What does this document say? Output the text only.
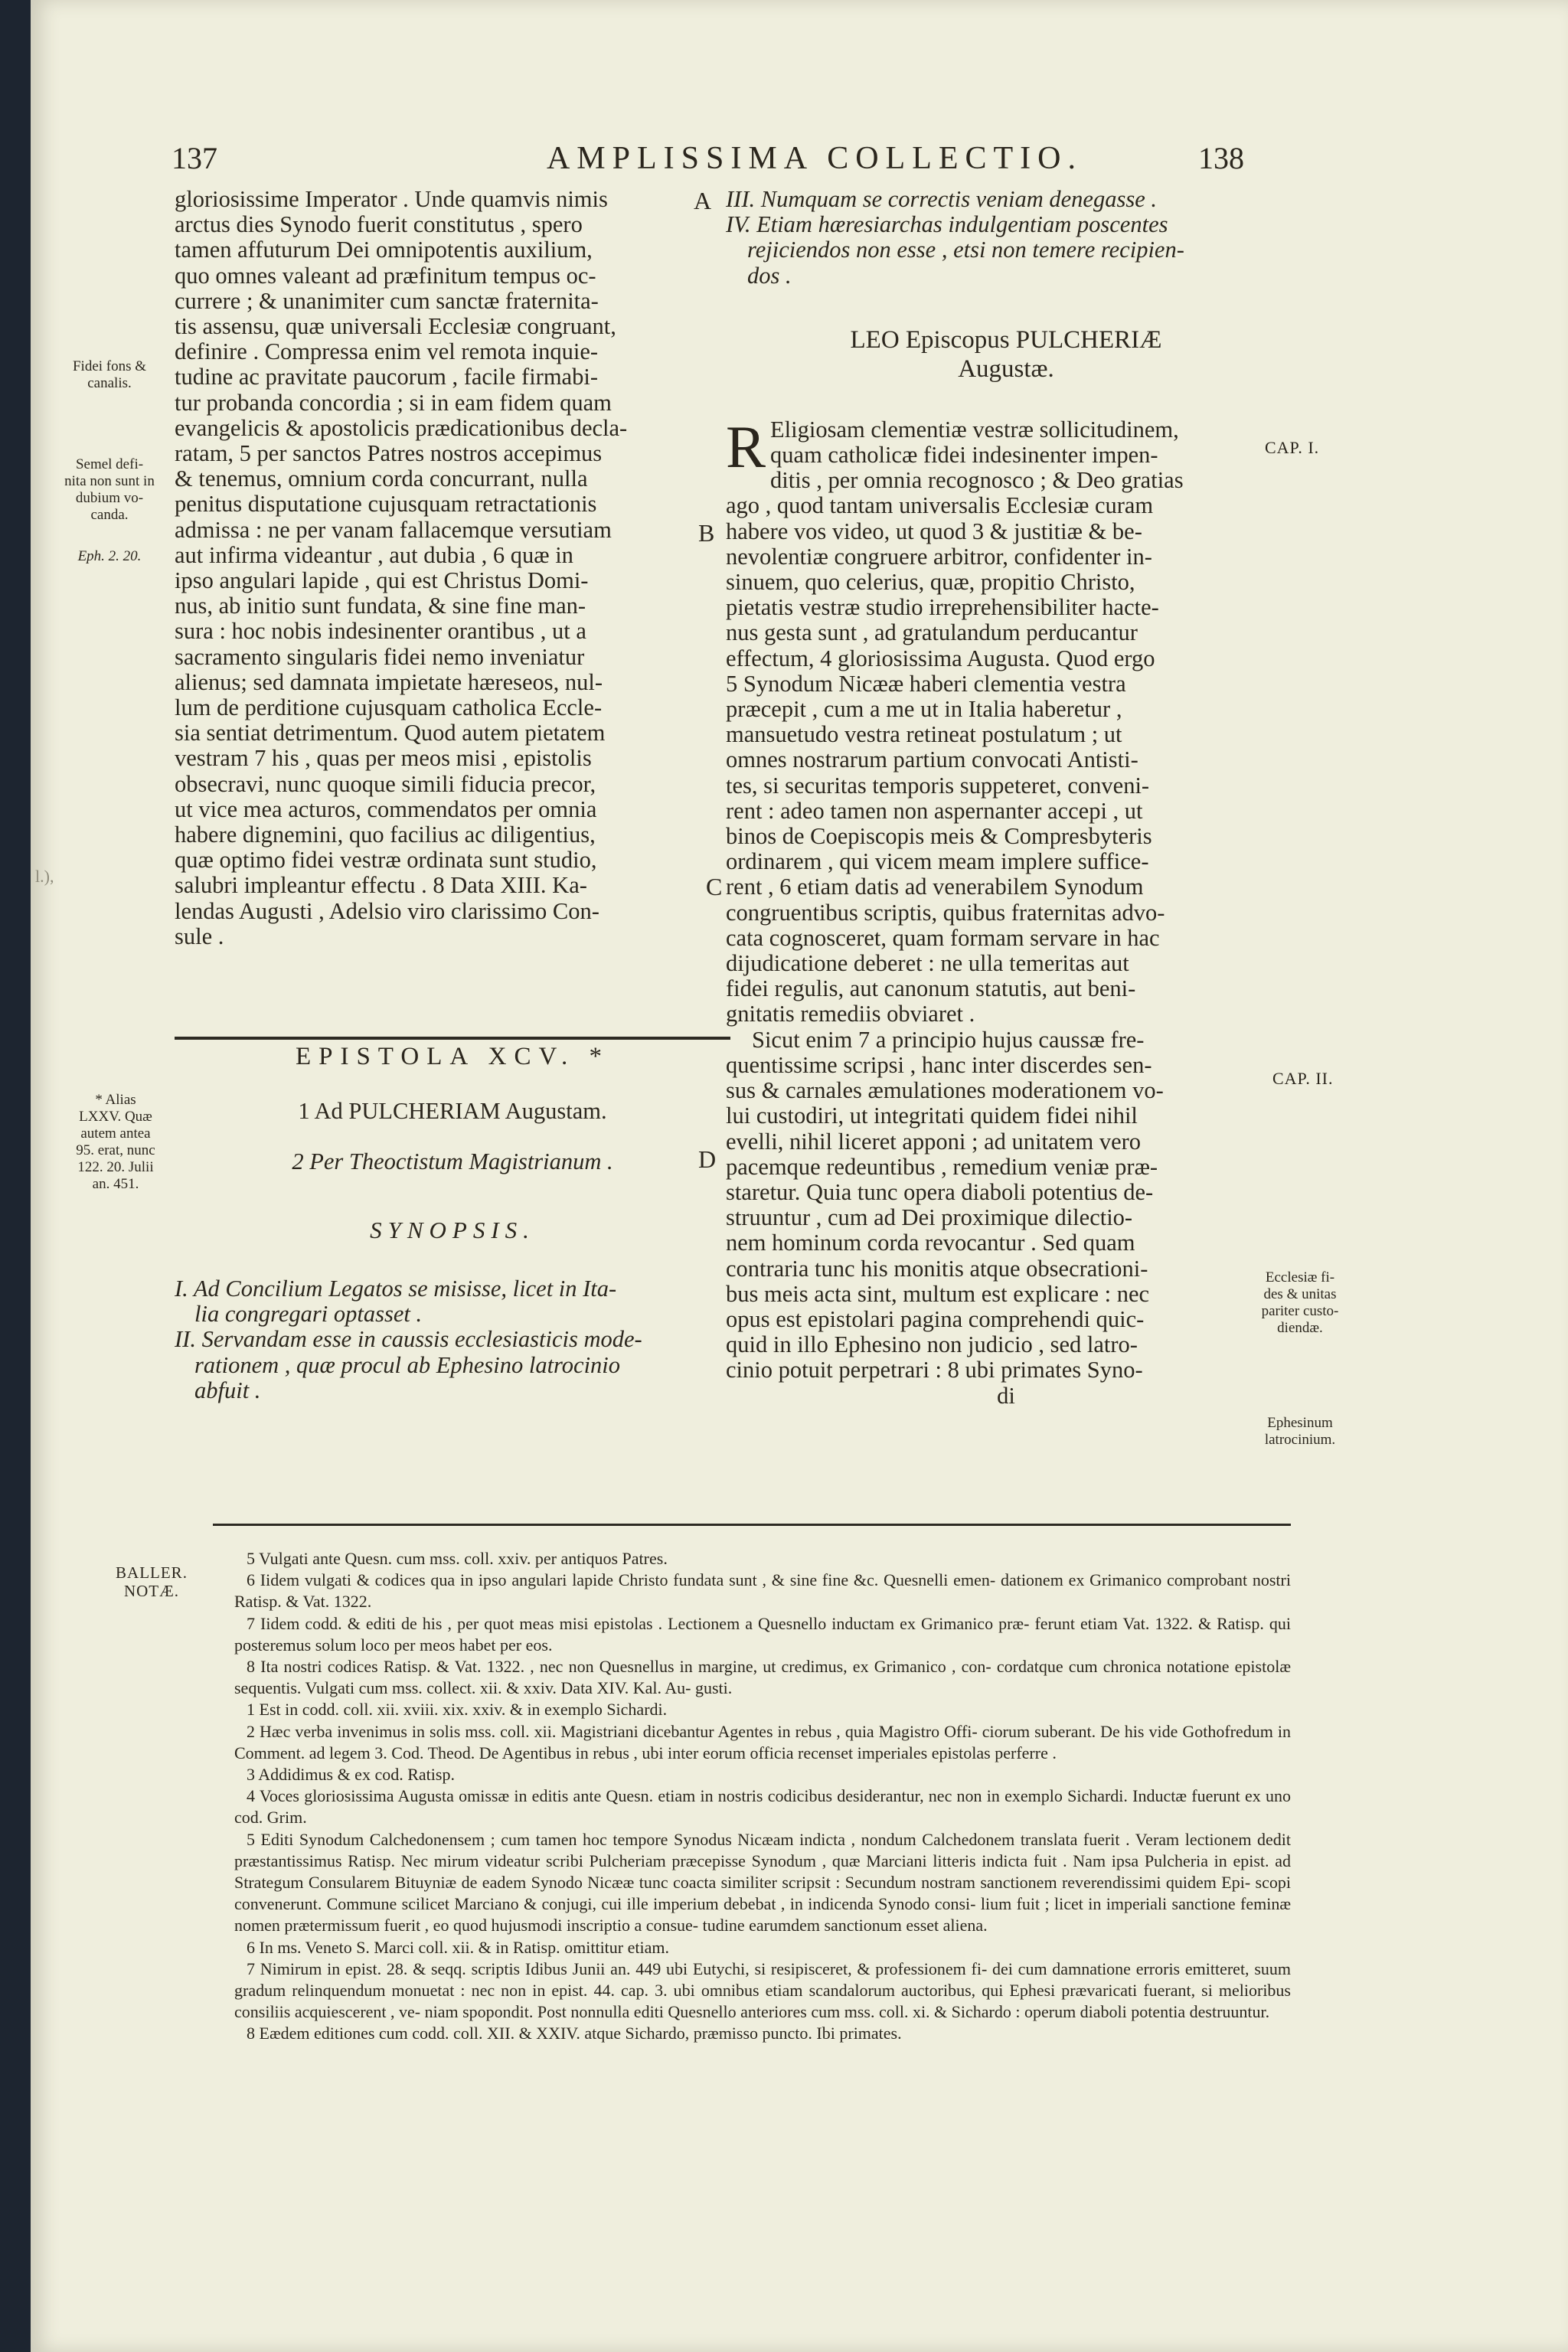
l.),
137	AMPLISSIMA COLLECTIO.	138

gloriosissime Imperator . Unde quamvis nimis

arctus dies Synodo fuerit constitutus , spero

tamen affuturum Dei omnipotentis auxilium,

quo omnes valeant ad præfinitum tempus oc-

currere ; & unanimiter cum sanctæ fraternita-

tis assensu, quæ universali Ecclesiæ congruant,

definire . Compressa enim vel remota inquie-

tudine ac pravitate paucorum , facile firmabi-

tur probanda concordia ; si in eam fidem quam

evangelicis & apostolicis prædicationibus decla-

ratam, 5 per sanctos Patres nostros accepimus

& tenemus, omnium corda concurrant, nulla

penitus disputatione cujusquam retractationis

admissa : ne per vanam fallacemque versutiam

aut infirma videantur , aut dubia , 6 quæ in

ipso angulari lapide , qui est Christus Domi-

nus, ab initio sunt fundata, & sine fine man-

sura : hoc nobis indesinenter orantibus , ut a

sacramento singularis fidei nemo inveniatur

alienus; sed damnata impietate hæreseos, nul-

lum de perditione cujusquam catholica Eccle-

sia sentiat detrimentum. Quod autem pietatem

vestram 7 his , quas per meos misi , epistolis

obsecravi, nunc quoque simili fiducia precor,

ut vice mea acturos, commendatos per omnia

habere dignemini, quo facilius ac diligentius,

quæ optimo fidei vestræ ordinata sunt studio,

salubri impleantur effectu . 8 Data XIII. Ka-

lendas Augusti , Adelsio viro clarissimo Con-

sule .

EPISTOLA XCV. *

1 Ad PULCHERIAM Augustam.

2 Per Theoctistum Magistrianum .

SYNOPSIS.

I. Ad Concilium Legatos se misisse, licet in Ita-

lia congregari optasset .

II. Servandam esse in caussis ecclesiasticis mode-

rationem , quæ procul ab Ephesino latrocinio

abfuit .

III. Numquam se correctis veniam denegasse .

IV. Etiam hæresiarchas indulgentiam poscentes

rejiciendos non esse , etsi non temere recipien-

dos .

LEO Episcopus PULCHERIÆ
Augustæ.
R Eligiosam clementiæ vestræ sollicitudinem,

quam catholicæ fidei indesinenter impen-

ditis , per omnia recognosco ; & Deo gratias

ago , quod tantam universalis Ecclesiæ curam

habere vos video, ut quod 3 & justitiæ & be-

nevolentiæ congruere arbitror, confidenter in-

sinuem, quo celerius, quæ, propitio Christo,

pietatis vestræ studio irreprehensibiliter hacte-

nus gesta sunt , ad gratulandum perducantur

effectum, 4 gloriosissima Augusta. Quod ergo

5 Synodum Nicææ haberi clementia vestra

præcepit , cum a me ut in Italia haberetur ,

mansuetudo vestra retineat postulatum ; ut

omnes nostrarum partium convocati Antisti-

tes, si securitas temporis suppeteret, conveni-

rent : adeo tamen non aspernanter accepi , ut

binos de Coepiscopis meis & Compresbyteris

ordinarem , qui vicem meam implere suffice-

rent , 6 etiam datis ad venerabilem Synodum

congruentibus scriptis, quibus fraternitas advo-

cata cognosceret, quam formam servare in hac

dijudicatione deberet : ne ulla temeritas aut

fidei regulis, aut canonum statutis, aut beni-

gnitatis remediis obviaret .

Sicut enim 7 a principio hujus caussæ fre-

quentissime scripsi , hanc inter discerdes sen-

sus & carnales æmulationes moderationem vo-

lui custodiri, ut integritati quidem fidei nihil

evelli, nihil liceret apponi ; ad unitatem vero

pacemque redeuntibus , remedium veniæ præ-

staretur. Quia tunc opera diaboli potentius de-

struuntur , cum ad Dei proximique dilectio-

nem hominum corda revocantur . Sed quam

contraria tunc his monitis atque obsecrationi-

bus meis acta sint, multum est explicare : nec

opus est epistolari pagina comprehendi quic-

quid in illo Ephesino non judicio , sed latro-

cinio potuit perpetrari : 8 ubi primates Syno-

di

A
B
C
D
Fidei fons & canalis.
Semel defi- nita non sunt in dubium vo- canda.
Eph. 2. 20.
* Alias LXXV. Quæ autem antea 95. erat, nunc 122. 20. Julii an. 451.
CAP. I.
CAP. II.
Ecclesiæ fi- des & unitas pariter custo- diendæ.
Ephesinum latrocinium.
BALLER. NOTÆ.

5 Vulgati ante Quesn. cum mss. coll. xxiv. per antiquos Patres.

6 Iidem vulgati & codices qua in ipso angulari lapide Christo fundata sunt , & sine fine &c. Quesnelli emen- dationem ex Grimanico comprobant nostri Ratisp. & Vat. 1322.

7 Iidem codd. & editi de his , per quot meas misi epistolas . Lectionem a Quesnello inductam ex Grimanico præ- ferunt etiam Vat. 1322. & Ratisp. qui posteremus solum loco per meos habet per eos.

8 Ita nostri codices Ratisp. & Vat. 1322. , nec non Quesnellus in margine, ut credimus, ex Grimanico , con- cordatque cum chronica notatione epistolæ sequentis. Vulgati cum mss. collect. xii. & xxiv. Data XIV. Kal. Au- gusti.

1 Est in codd. coll. xii. xviii. xix. xxiv. & in exemplo Sichardi.

2 Hæc verba invenimus in solis mss. coll. xii. Magistriani dicebantur Agentes in rebus , quia Magistro Offi- ciorum suberant. De his vide Gothofredum in Comment. ad legem 3. Cod. Theod. De Agentibus in rebus , ubi inter eorum officia recenset imperiales epistolas perferre .

3 Addidimus & ex cod. Ratisp.

4 Voces gloriosissima Augusta omissæ in editis ante Quesn. etiam in nostris codicibus desiderantur, nec non in exemplo Sichardi. Inductæ fuerunt ex uno cod. Grim.

5 Editi Synodum Calchedonensem ; cum tamen hoc tempore Synodus Nicæam indicta , nondum Calchedonem translata fuerit . Veram lectionem dedit præstantissimus Ratisp. Nec mirum videatur scribi Pulcheriam præcepisse Synodum , quæ Marciani litteris indicta fuit . Nam ipsa Pulcheria in epist. ad Strategum Consularem Bituyniæ de eadem Synodo Nicææ tunc coacta similiter scripsit : Secundum nostram sanctionem reverendissimi quidem Epi- scopi convenerunt. Commune scilicet Marciano & conjugi, cui ille imperium debebat , in indicenda Synodo consi- lium fuit ; licet in imperiali sanctione feminæ nomen prætermissum fuerit , eo quod hujusmodi inscriptio a consue- tudine earumdem sanctionum esset aliena.

6 In ms. Veneto S. Marci coll. xii. & in Ratisp. omittitur etiam.

7 Nimirum in epist. 28. & seqq. scriptis Idibus Junii an. 449 ubi Eutychi, si resipisceret, & professionem fi- dei cum damnatione erroris emitteret, suum gradum relinquendum monuetat : nec non in epist. 44. cap. 3. ubi omnibus etiam scandalorum auctoribus, qui Ephesi prævaricati fuerant, si melioribus consiliis acquiescerent , ve- niam spopondit. Post nonnulla editi Quesnello anteriores cum mss. coll. xi. & Sichardo : operum diaboli potentia destruuntur.

8 Eædem editiones cum codd. coll. XII. & XXIV. atque Sichardo, præmisso puncto. Ibi primates.
